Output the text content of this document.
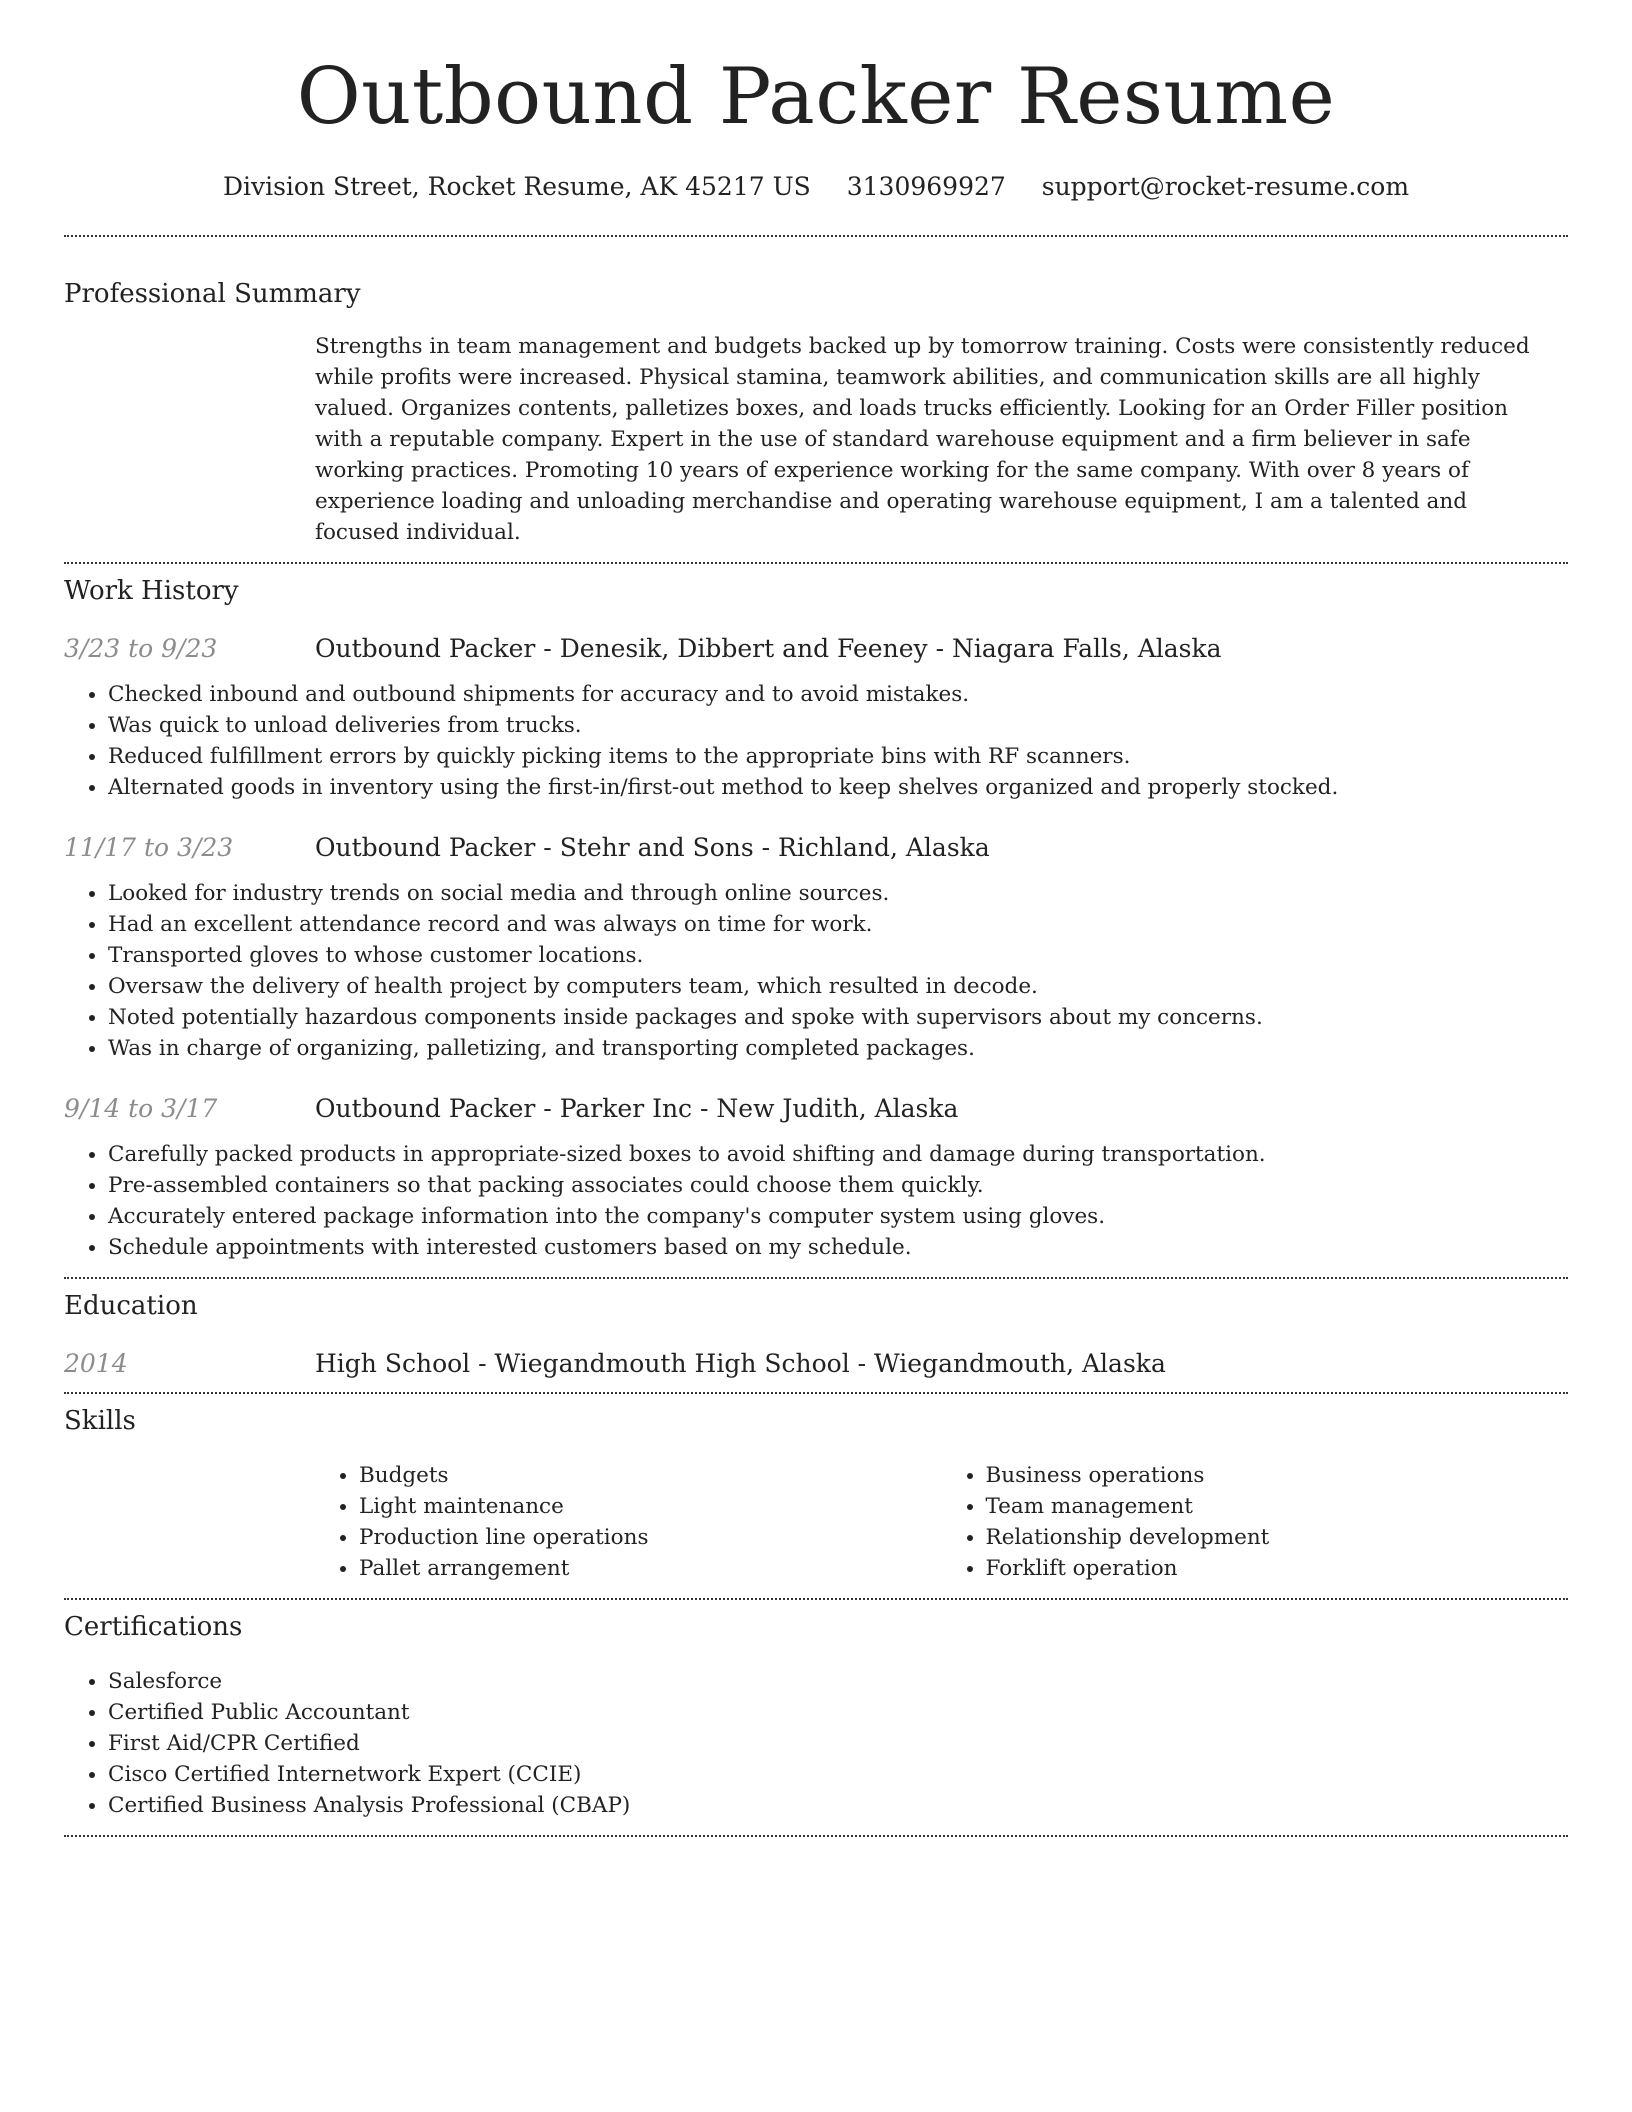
Outbound Packer Resume
Division Street, Rocket Resume, AK 45217 US 3130969927 support@rocket-resume.com
Professional Summary
Strengths in team management and budgets backed up by tomorrow training. Costs were consistently reduced while profits were increased. Physical stamina, teamwork abilities, and communication skills are all highly valued. Organizes contents, palletizes boxes, and loads trucks efficiently. Looking for an Order Filler position with a reputable company. Expert in the use of standard warehouse equipment and a firm believer in safe working practices. Promoting 10 years of experience working for the same company. With over 8 years of experience loading and unloading merchandise and operating warehouse equipment, I am a talented and focused individual.
Work History
3/23 to 9/23	Outbound Packer - Denesik, Dibbert and Feeney - Niagara Falls, Alaska
• Checked inbound and outbound shipments for accuracy and to avoid mistakes.
• Was quick to unload deliveries from trucks.
• Reduced fulfillment errors by quickly picking items to the appropriate bins with RF scanners.
• Alternated goods in inventory using the first-in/first-out method to keep shelves organized and properly stocked.
11/17 to 3/23	Outbound Packer - Stehr and Sons - Richland, Alaska
• Looked for industry trends on social media and through online sources.
• Had an excellent attendance record and was always on time for work.
• Transported gloves to whose customer locations.
• Oversaw the delivery of health project by computers team, which resulted in decode.
• Noted potentially hazardous components inside packages and spoke with supervisors about my concerns.
• Was in charge of organizing, palletizing, and transporting completed packages.
9/14 to 3/17	Outbound Packer - Parker Inc - New Judith, Alaska
• Carefully packed products in appropriate-sized boxes to avoid shifting and damage during transportation.
• Pre-assembled containers so that packing associates could choose them quickly.
• Accurately entered package information into the company's computer system using gloves.
• Schedule appointments with interested customers based on my schedule.
Education
2014	High School - Wiegandmouth High School - Wiegandmouth, Alaska
Skills
• Budgets
• Light maintenance
• Production line operations
• Pallet arrangement
• Business operations
• Team management
• Relationship development
• Forklift operation
Certifications
• Salesforce
• Certified Public Accountant
• First Aid/CPR Certified
• Cisco Certified Internetwork Expert (CCIE)
• Certified Business Analysis Professional (CBAP)
